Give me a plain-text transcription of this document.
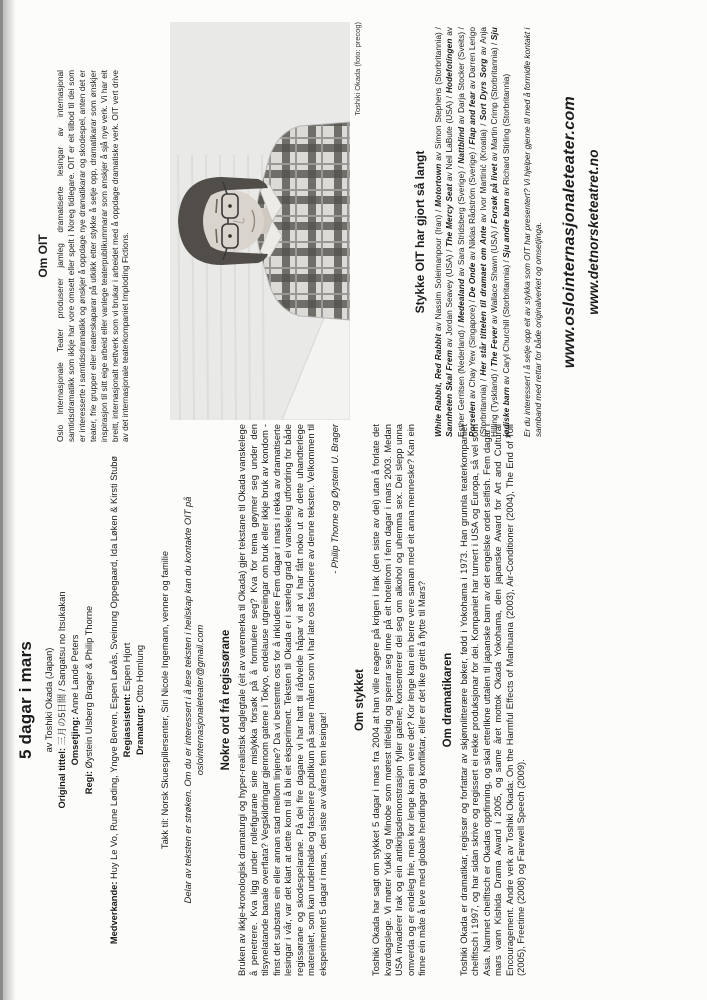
5 dagar i mars av Toshiki Okada (Japan)
Original tittel: 三月の5日間 / Sangatsu no Itsukakan Omsetjing: Anne Lande Peters
Regi: Øystein Ulsberg Brager & Philip Thorne
Medverkande: Huy Le Vo, Rune Løding, Yngve Berven, Espen Løvås, Sveinung Oppegaard, Ida Løken & Kirsti Stubø Regiassistent: Espen Hjort
Dramaturg: Otto Homlung Takk til: Norsk Skuespillersenter, Siri Nicole Ingemann, venner og familie Delar av teksten er strøken. Om du er interessert i å lese teksten i heilskap kan du kontakte OIT på oslointernasjonaleteater@gmail.com Nokre ord frå regissørane Bruken av ikkje-kronologisk dramaturgi og hyper-realistisk daglegtale (eit av varemerka til Okada) gjer tekstane til Okada vanskelege å penetrere. Kva ligg under rollefigurane sine mislykka forsøk på å formulere seg? Kva for tema gøymer seg under den tilsynelatande banale overflata? Vegskildringar gjennom gatene i Tokyo, endelause utgreiingar om bruk eller ikkje bruk av kondom - finst det substans ein eller annan stad mellom linjene? Da vi bestemte oss for å inkludere Fem dagar i mars i rekka av dramatiserte lesingar i vår, var det klart at dette kom til å bli eit eksperiment. Teksten til Okada er i særleg grad ei vanskeleg utfordring for både regissørane og skodespelarane. På dei fire dagane vi har hatt til rådvelde håpar vi at vi har fått noko ut av dette uhandterlege materialet, som kan underhalde og fascinere publikum på same måten som vi har late oss fascinere av denne teksten. Velkommen til eksperimentet 5 dagar i mars, den siste av vårens fem lesingar!

- Philip Thorne og Øystein U. Brager
Om stykket Toshiki Okada har sagt om stykket 5 dagar i mars fra 2004 at han ville reagere på krigen i Irak (den siste av dei) utan å forlate det kvardagslege. Vi møter Yukki og Minobe som møtest tilfeldig og sperrar seg inne på eit hotellrom i fem dagar i mars 2003. Medan USA invaderer Irak og ein antikrigsdemonstrasjon fyller gatene, konsentrerer dei seg om alkohol og uhemma sex. Dei slepp unna omverda og er endeleg frie, men kor lenge kan ein vere det? Kor lenge kan ein berre vere saman med eit anna menneske? Kan ein finne ein måte å leve med globale hendingar og konfliktar, eller er det like greitt å flytte til Mars? Om dramatikaren Toshiki Okada er dramatikar, regissør og forfattar av skjønnlitterære bøker, fødd i Yokohama i 1973. Han grunnla teaterkompaniet chelfitsch i 1997, og har sidan skrive og regissert ei rekke produksjonar for dei. Kompaniet har turnert i USA og Europa, så vel som Asia. Namnet chelfitsch er Okadas oppfinning, og skal etterlikne uttalen til japanske barn av det engelske ordet selfish. Fem dagar i mars vann Kishida Drama Award i 2005, og same året mottok Okada Yokohama, den japanske Award for Art and Cultural Encouragement. Andre verk av Toshiki Okada: On the Harmful Effects of Marihuana (2003), Air-Conditioner (2004), The End of Toil (2005), Freetime (2008) og Farewell Speech (2009).

Om OIT Oslo Internasjonale Teater produserer jamleg dramatiserte lesingar av internasjonal samtidsdramatikk som ikkje har vore omsett eller spelt i Noreg tidlegare. OIT er eit tilbod til dei som er interesserte i samtidsdramatikk og ønskjer å oppdage nye dramatikarar og skodespel, anten det er teater, frie grupper eller teaterskaparar på utkikk etter stykke å setje opp, dramatikarar som ønskjer inspirasjon til sitt eige arbeid eller vanlege teaterpublikummarar som ønskjer å sjå nye verk. Vi har eit breitt, internasjonalt nettverk som vi brukar i arbeidet med å oppdage dramatiske verk. OIT vert drive av det internasjonale teaterkompaniet Imploding Fictions.

Toshiki Okada (foto: precog)
Stykke OIT har gjort så langt

White Rabbit, Red Rabbit av Nassim Soleimanpour (Iran) / Motortown av Simon Stephens (Storbritannia) / Sannheten Skal Frem av Jordan Seavey (USA) / The Mercy Seat av Neil LaBute (USA) / Hodefotingen av Esther Gerritsen (Nederland) / Medealand av Sara Stridsberg (Sverige) / Nattblind av Darja Stocker (Sveits) / Porselen av Chay Yew (Singapore) / De Onde av Niklas Rådström (Sverige) / Flap and fear av Darren Lerigo (Storbritannia) / Her står tittelen til dramaet om Ante av Ivor Martinić (Kroatia) / Sort Dyrs Sorg av Anja Hilling (Tyskland) / The Fever av Wallace Shawn (USA) / Forsøk på livet av Martin Crimp (Storbritannia) / Sju jødiske barn av Caryl Churchill (Storbritannia) / Sju andre barn av Richard Stirling (Storbritannia) Er du interessert i å setje opp eit av stykka som OIT har presentert? Vi hjelper gjerne til med å formidle kontakt i samband med rettar for både originalverket og omsetjinga. www.oslointernasjonaleteater.com www.detnorsketeatret.no
